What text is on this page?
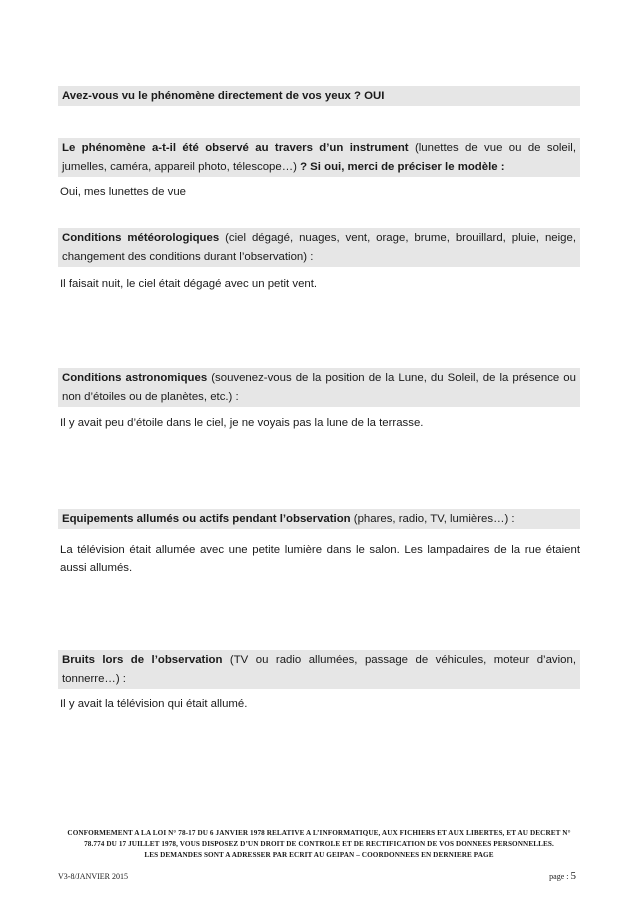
Avez-vous vu le phénomène directement de vos yeux ? OUI
Le phénomène a-t-il été observé au travers d’un instrument (lunettes de vue ou de soleil, jumelles, caméra, appareil photo, télescope…) ? Si oui, merci de préciser le modèle :
Oui, mes lunettes de vue
Conditions météorologiques (ciel dégagé, nuages, vent, orage, brume, brouillard, pluie, neige, changement des conditions durant l’observation) :
Il faisait nuit, le ciel était dégagé avec un petit vent.
Conditions astronomiques (souvenez-vous de la position de la Lune, du Soleil, de la présence ou non d’étoiles ou de planètes, etc.) :
Il y avait peu d’étoile dans le ciel, je ne voyais pas la lune de la terrasse.
Equipements allumés ou actifs pendant l’observation (phares, radio, TV, lumières…) :
La télévision était allumée avec une petite lumière dans le salon. Les lampadaires de la rue étaient aussi allumés.
Bruits lors de l’observation (TV ou radio allumées, passage de véhicules, moteur d’avion, tonnerre…) :
Il y avait la télévision qui était allumé.
CONFORMEMENT A LA LOI N° 78-17 DU 6 JANVIER 1978 RELATIVE A L’INFORMATIQUE, AUX FICHIERS ET AUX LIBERTES, ET AU DECRET N° 78.774 DU 17 JUILLET 1978, VOUS DISPOSEZ D’UN DROIT DE CONTROLE ET DE RECTIFICATION DE VOS DONNEES PERSONNELLES.
LES DEMANDES SONT A ADRESSER PAR ECRIT AU GEIPAN – COORDONNEES EN DERNIERE PAGE
V3-8/JANVIER 2015	page : 5
